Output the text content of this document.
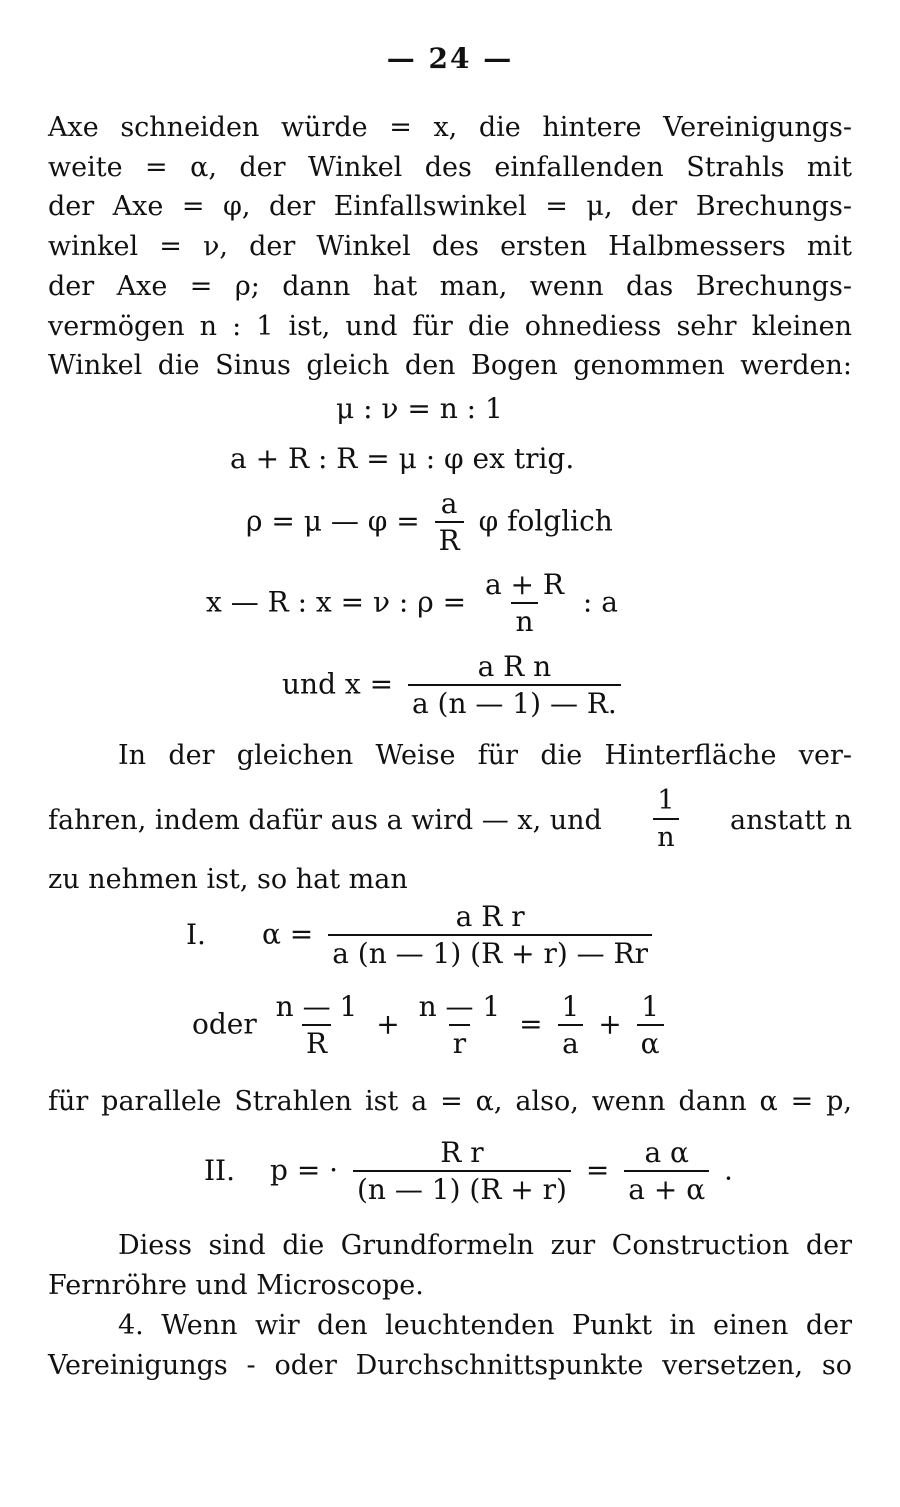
— 24 —
Axe schneiden würde = x, die hintere Vereinigungs-
weite = α, der Winkel des einfallenden Strahls mit
der Axe = φ, der Einfallswinkel = μ, der Brechungs-
winkel = ν, der Winkel des ersten Halbmessers mit
der Axe = ρ; dann hat man, wenn das Brechungs-
vermögen n : 1 ist, und für die ohnediess sehr kleinen
Winkel die Sinus gleich den Bogen genommen werden:
μ : ν = n : 1
a + R : R = μ : φ ex trig.
ρ = μ — $\varphi = \frac{a}{R}$ φ folglich
x — R : x = ν : $\rho = \frac{a + R}{n}$ : a
und $x = \frac{\text{a R n}}{a (n — 1) — R.}$
In der gleichen Weise für die Hinterfläche ver-
fahren, indem dafür aus a wird — x, und $\frac{1}{n}$ anstatt n
zu nehmen ist, so hat man
I. $\alpha = \frac{\text{a R r}}{a (n — 1) (R + r) — Rr}$
oder $\frac{n — 1}{R} + \frac{n — 1}{r} = \frac{1}{a} + \frac{1}{\alpha}$
für parallele Strahlen ist a = α, also, wenn dann α = p,
II. p = · $\frac{\text{R r}}{(n — 1) (R + r)} = \frac{\text{a α}}{a + \alpha}$ .
Diess sind die Grundformeln zur Construction der
Fernröhre und Microscope.
4. Wenn wir den leuchtenden Punkt in einen der
Vereinigungs - oder Durchschnittspunkte versetzen, so
